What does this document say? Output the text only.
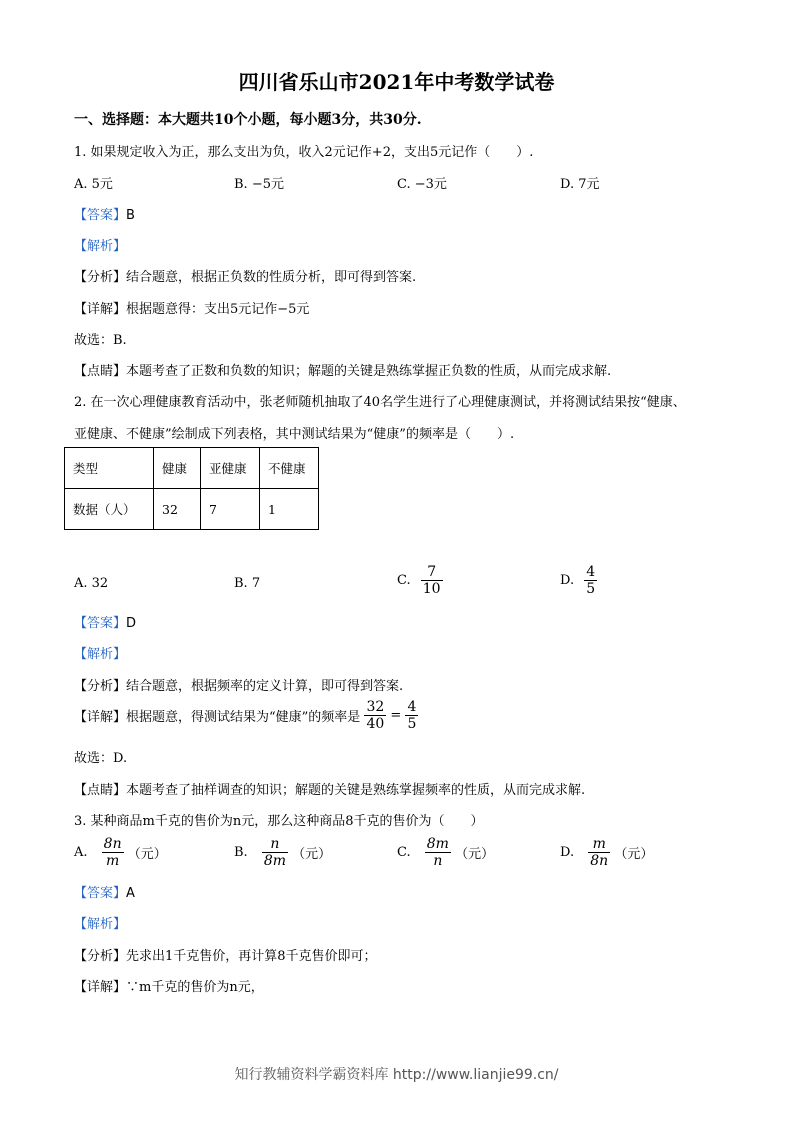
四川省乐山市2021年中考数学试卷
一、选择题：本大题共10个小题，每小题3分，共30分.
1. 如果规定收入为正，那么支出为负，收入2元记作+2，支出5元记作（　　）.
A. 5元	B. −5元	C. −3元	D. 7元
【答案】B
【解析】
【分析】结合题意，根据正负数的性质分析，即可得到答案.
【详解】根据题意得：支出5元记作−5元
故选：B.
【点睛】本题考查了正数和负数的知识；解题的关键是熟练掌握正负数的性质，从而完成求解.
2. 在一次心理健康教育活动中，张老师随机抽取了40名学生进行了心理健康测试，并将测试结果按“健康、
亚健康、不健康”绘制成下列表格，其中测试结果为“健康”的频率是（　　）.
类型	健康	亚健康	不健康
数据（人）	32	7	1
A. 32	B. 7	C. $\frac{7}{10}$	D. $\frac{4}{5}$
【答案】D
【解析】
【分析】结合题意，根据频率的定义计算，即可得到答案.
【详解】根据题意，得测试结果为“健康”的频率是 $\frac{32}{40} = \frac{4}{5}$
故选：D.
【点睛】本题考查了抽样调查的知识；解题的关键是熟练掌握频率的性质，从而完成求解.
3. 某种商品m千克的售价为n元，那么这种商品8千克的售价为（　　）
A. $\frac{8n}{m}$ （元）	B. $\frac{n}{8m}$ （元）	C. $\frac{8m}{n}$ （元）	D. $\frac{m}{8n}$ （元）
【答案】A
【解析】
【分析】先求出1千克售价，再计算8千克售价即可；
【详解】∵m千克的售价为n元，
知行教辅资料学霸资料库 http://www.lianjie99.cn/
